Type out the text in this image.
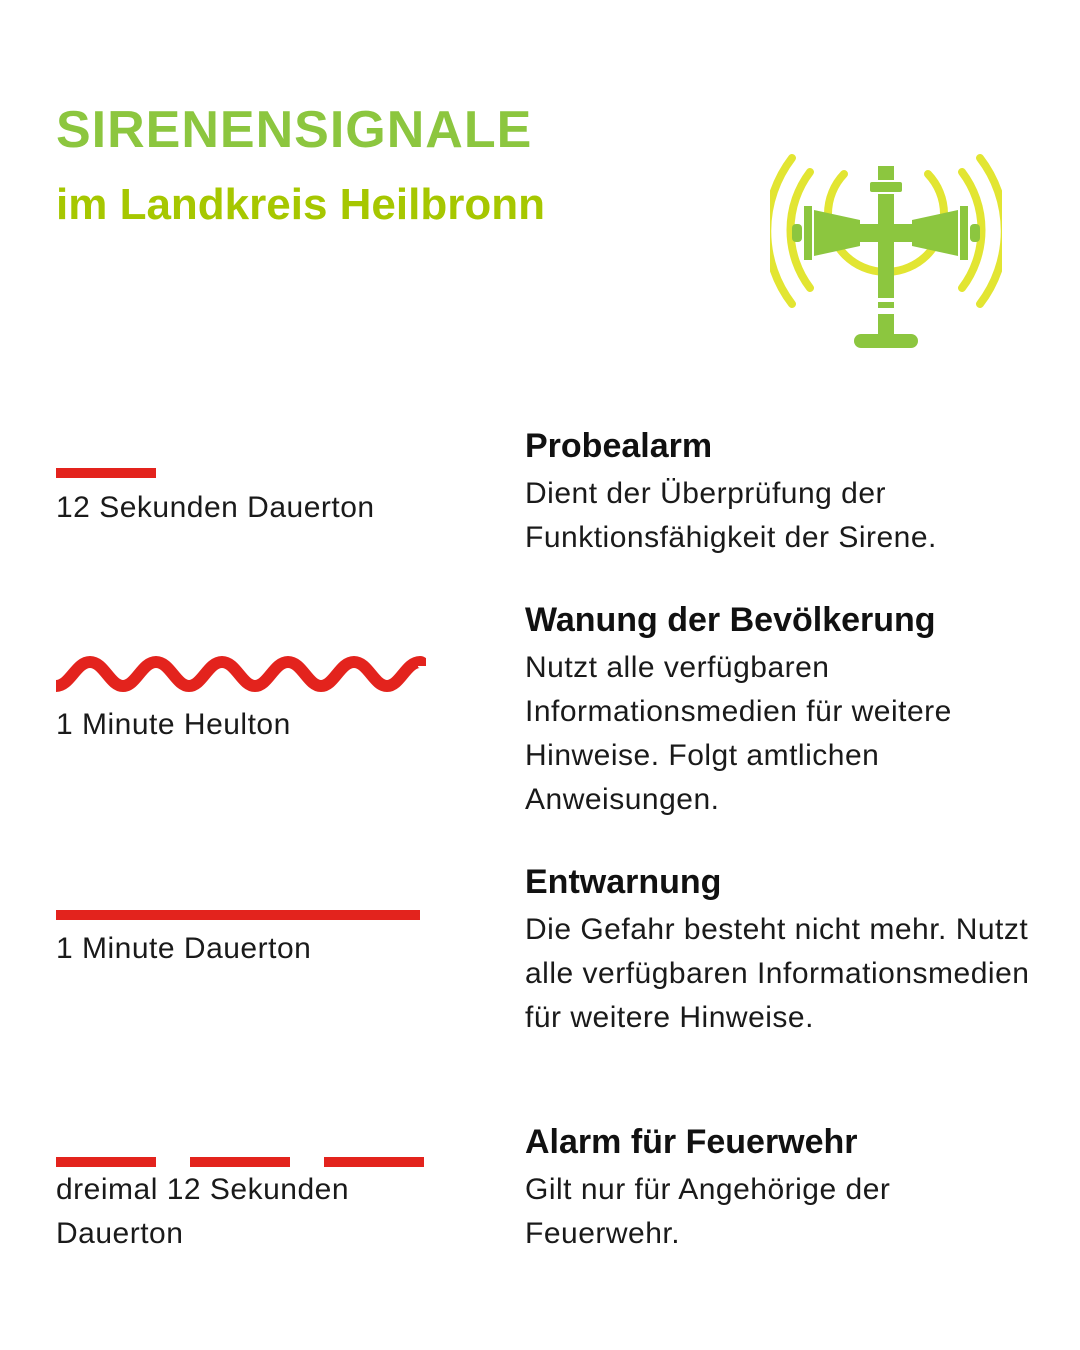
SIRENENSIGNALE
im Landkreis Heilbronn

12 Sekunden Dauerton

Probealarm

Dient der Überprüfung der Funktionsfähigkeit der Sirene.

1 Minute Heulton

Wanung der Bevölkerung

Nutzt alle verfügbaren Informationsmedien für weitere Hinweise. Folgt amtlichen Anweisungen.

1 Minute Dauerton

Entwarnung

Die Gefahr besteht nicht mehr. Nutzt alle verfügbaren Informationsmedien für weitere Hinweise.

dreimal 12 Sekunden Dauerton

Alarm für Feuerwehr

Gilt nur für Angehörige der Feuerwehr.
